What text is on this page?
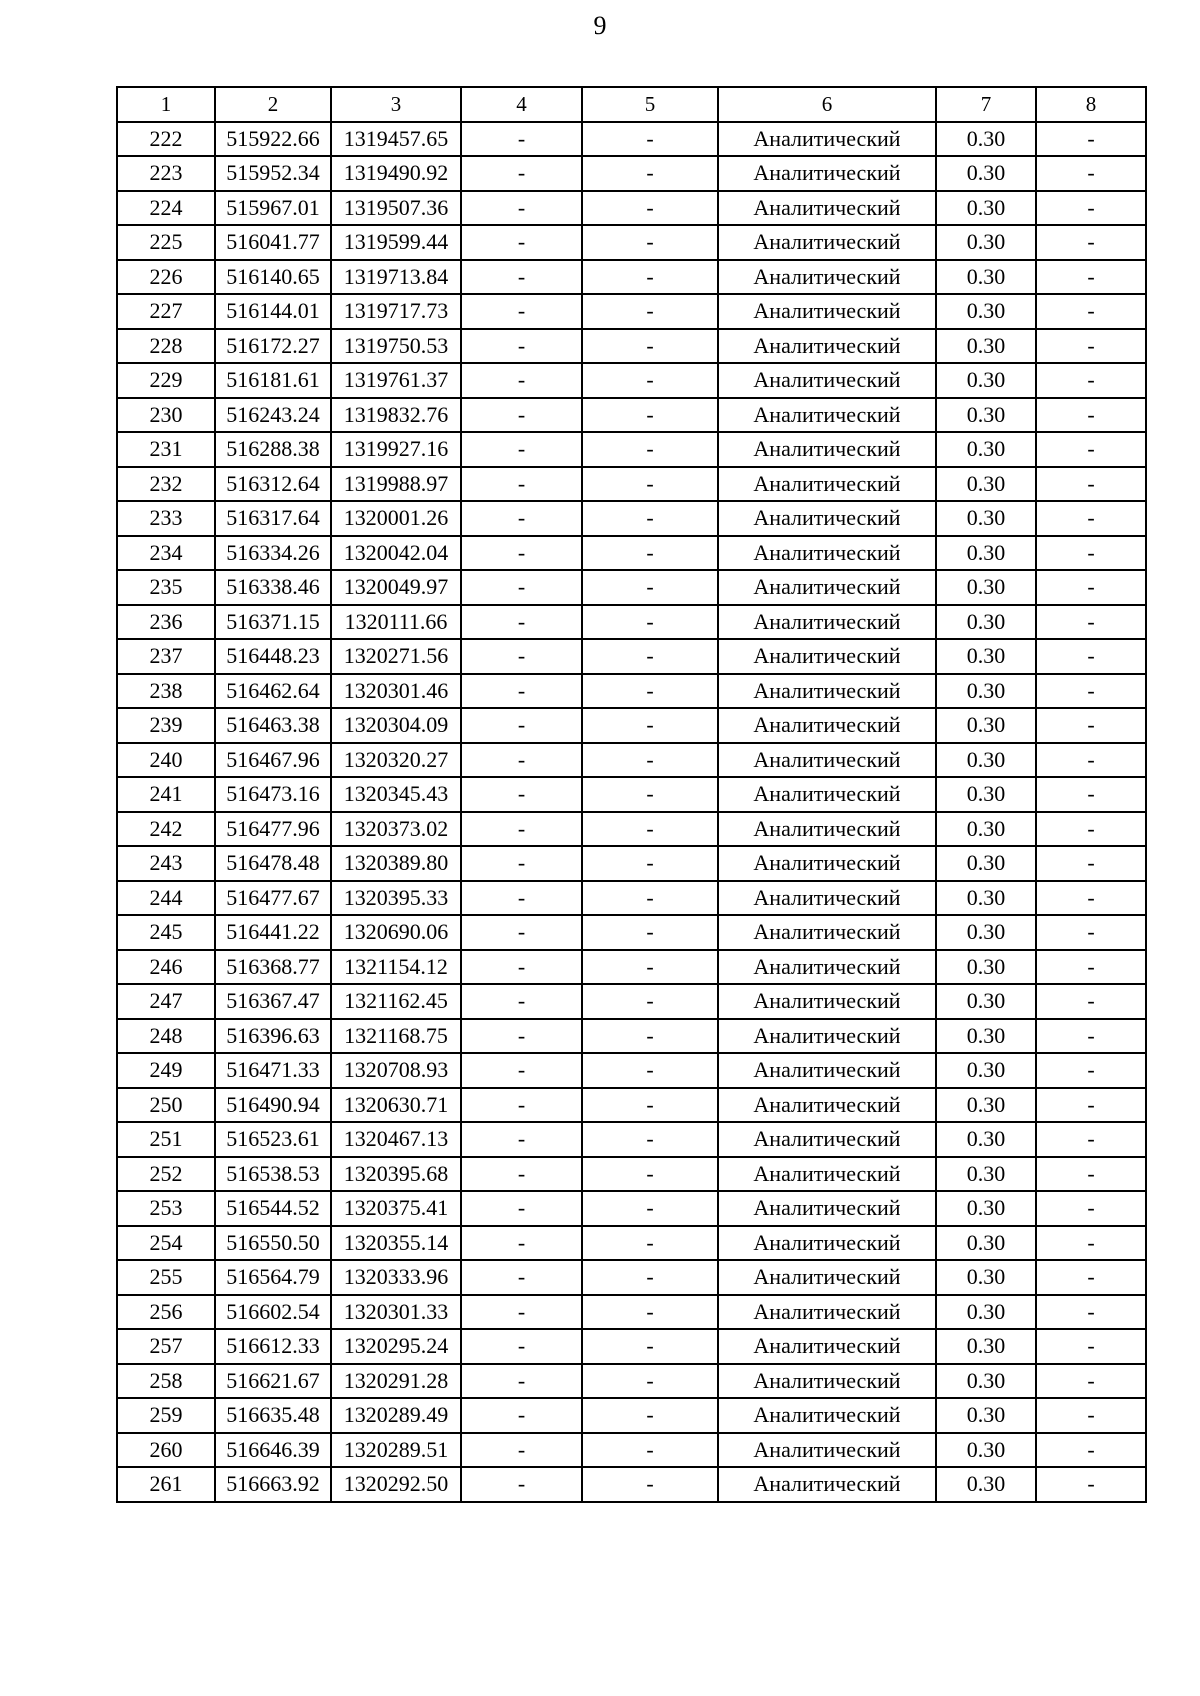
9
1	2	3	4	5	6	7	8
222	515922.66	1319457.65	-	-	Аналитический	0.30	-
223	515952.34	1319490.92	-	-	Аналитический	0.30	-
224	515967.01	1319507.36	-	-	Аналитический	0.30	-
225	516041.77	1319599.44	-	-	Аналитический	0.30	-
226	516140.65	1319713.84	-	-	Аналитический	0.30	-
227	516144.01	1319717.73	-	-	Аналитический	0.30	-
228	516172.27	1319750.53	-	-	Аналитический	0.30	-
229	516181.61	1319761.37	-	-	Аналитический	0.30	-
230	516243.24	1319832.76	-	-	Аналитический	0.30	-
231	516288.38	1319927.16	-	-	Аналитический	0.30	-
232	516312.64	1319988.97	-	-	Аналитический	0.30	-
233	516317.64	1320001.26	-	-	Аналитический	0.30	-
234	516334.26	1320042.04	-	-	Аналитический	0.30	-
235	516338.46	1320049.97	-	-	Аналитический	0.30	-
236	516371.15	1320111.66	-	-	Аналитический	0.30	-
237	516448.23	1320271.56	-	-	Аналитический	0.30	-
238	516462.64	1320301.46	-	-	Аналитический	0.30	-
239	516463.38	1320304.09	-	-	Аналитический	0.30	-
240	516467.96	1320320.27	-	-	Аналитический	0.30	-
241	516473.16	1320345.43	-	-	Аналитический	0.30	-
242	516477.96	1320373.02	-	-	Аналитический	0.30	-
243	516478.48	1320389.80	-	-	Аналитический	0.30	-
244	516477.67	1320395.33	-	-	Аналитический	0.30	-
245	516441.22	1320690.06	-	-	Аналитический	0.30	-
246	516368.77	1321154.12	-	-	Аналитический	0.30	-
247	516367.47	1321162.45	-	-	Аналитический	0.30	-
248	516396.63	1321168.75	-	-	Аналитический	0.30	-
249	516471.33	1320708.93	-	-	Аналитический	0.30	-
250	516490.94	1320630.71	-	-	Аналитический	0.30	-
251	516523.61	1320467.13	-	-	Аналитический	0.30	-
252	516538.53	1320395.68	-	-	Аналитический	0.30	-
253	516544.52	1320375.41	-	-	Аналитический	0.30	-
254	516550.50	1320355.14	-	-	Аналитический	0.30	-
255	516564.79	1320333.96	-	-	Аналитический	0.30	-
256	516602.54	1320301.33	-	-	Аналитический	0.30	-
257	516612.33	1320295.24	-	-	Аналитический	0.30	-
258	516621.67	1320291.28	-	-	Аналитический	0.30	-
259	516635.48	1320289.49	-	-	Аналитический	0.30	-
260	516646.39	1320289.51	-	-	Аналитический	0.30	-
261	516663.92	1320292.50	-	-	Аналитический	0.30	-
